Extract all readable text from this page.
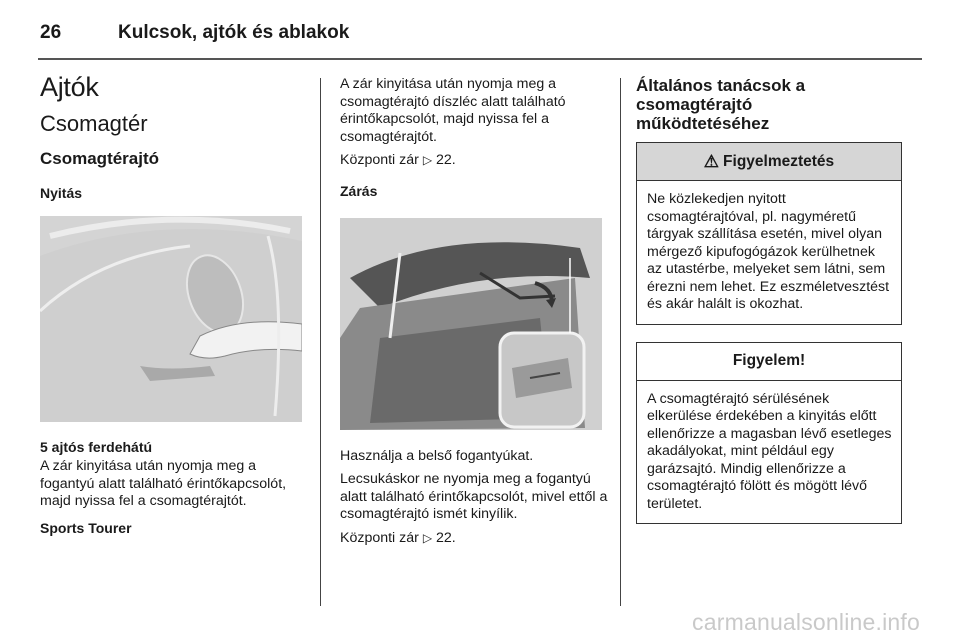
26	Kulcsok, ajtók és ablakok
Ajtók
Csomagtér
Csomagtérajtó
Nyitás
5 ajtós ferdehátú

A zár kinyitása után nyomja meg a fogantyú alatt található érintőkapcsolót, majd nyissa fel a csomagtérajtót.

Sports Tourer

A zár kinyitása után nyomja meg a csomagtérajtó díszléc alatt található érintőkapcsolót, majd nyissa fel a csomagtérajtót.

Központi zár ▷ 22.

Zárás

Használja a belső fogantyúkat.

Lecsukáskor ne nyomja meg a fogantyú alatt található érintőkapcsolót, mivel ettől a csomagtérajtó ismét kinyílik.

Központi zár ▷ 22.

Általános tanácsok a csomagtérajtó működtetéséhez
⚠ Figyelmeztetés
Ne közlekedjen nyitott csomagtérajtóval, pl. nagyméretű tárgyak szállítása esetén, mivel olyan mérgező kipufogógázok kerülhetnek az utastérbe, melyeket sem látni, sem érezni nem lehet. Ez eszméletvesztést és akár halált is okozhat.
Figyelem!
A csomagtérajtó sérülésének elkerülése érdekében a kinyitás előtt ellenőrizze a magasban lévő esetleges akadályokat, mint például egy garázsajtó. Mindig ellenőrizze a csomagtérajtó fölött és mögött lévő területet.
carmanualsonline.info
